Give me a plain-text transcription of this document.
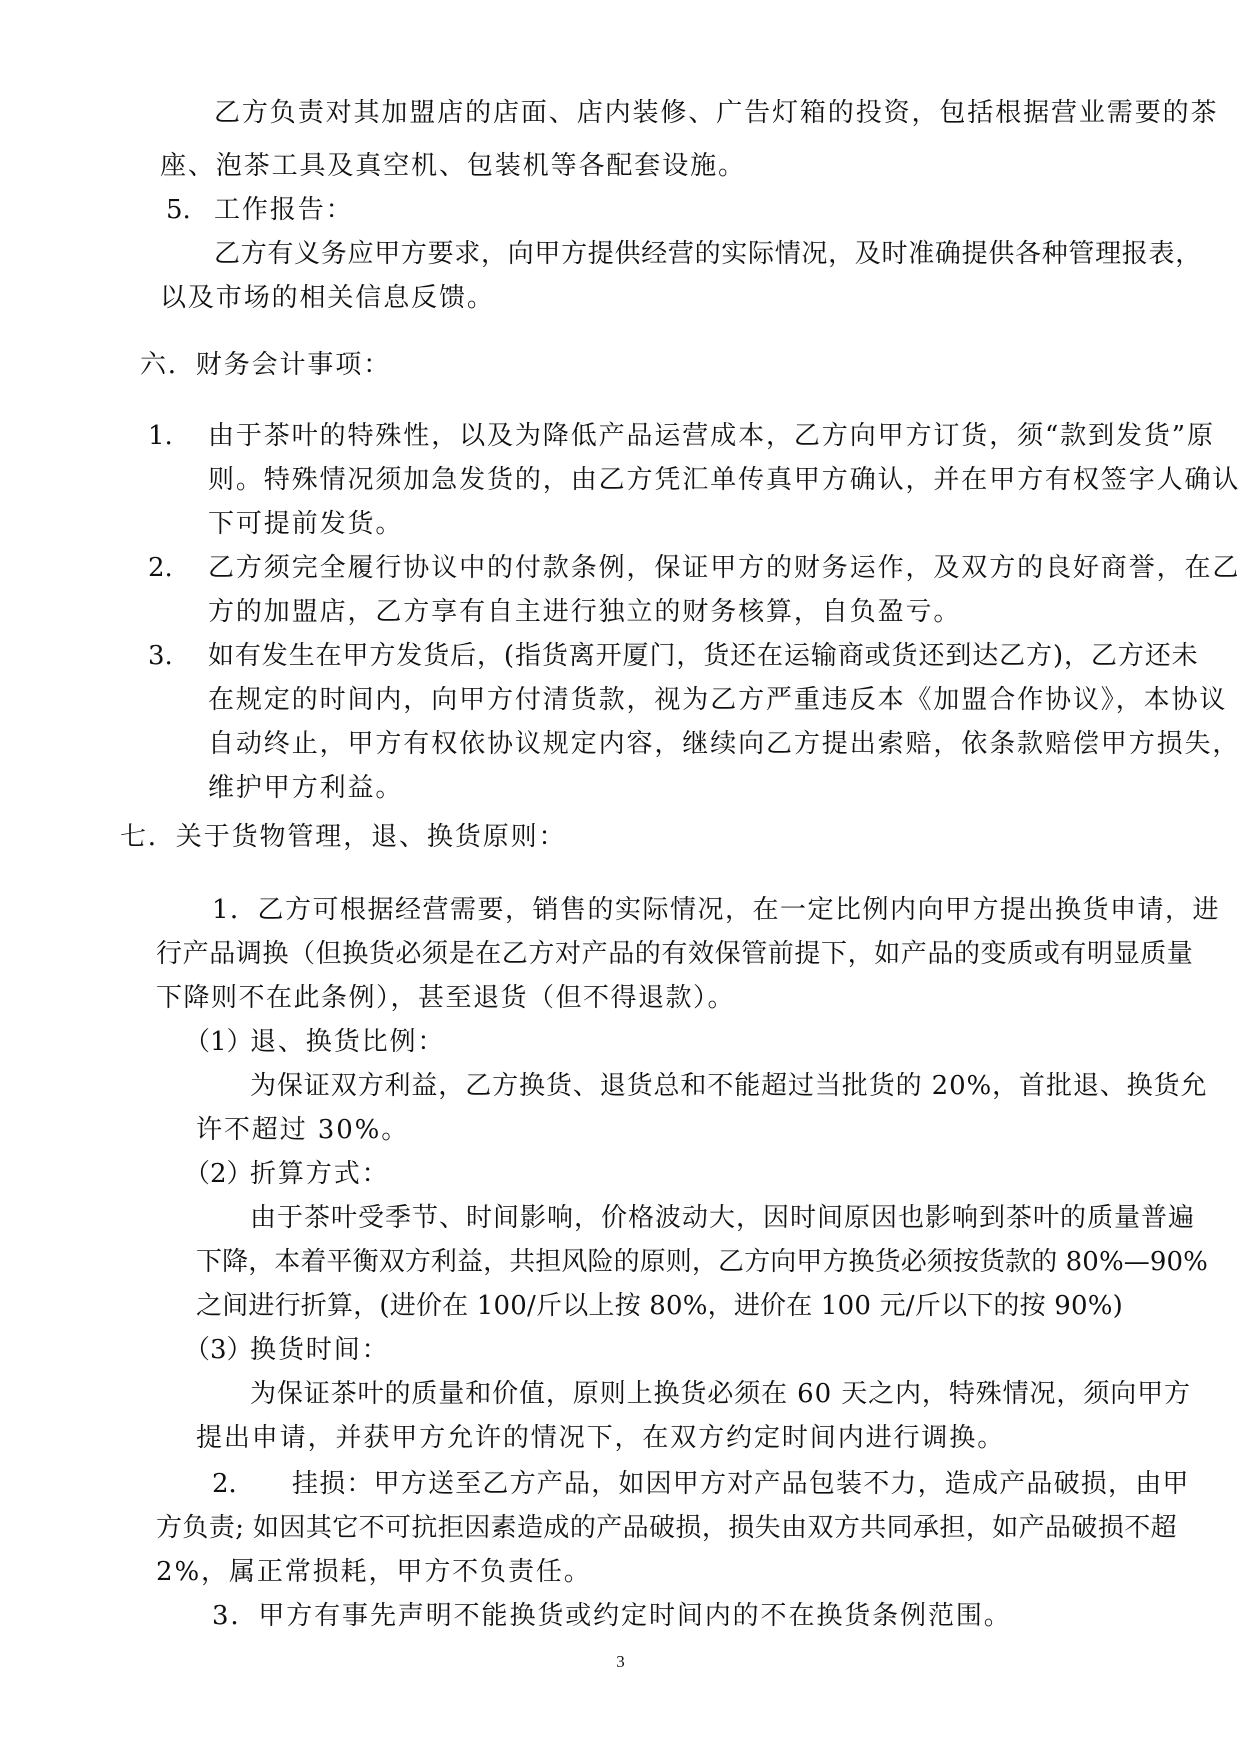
乙方负责对其加盟店的店面、店内装修、广告灯箱的投资，包括根据营业需要的茶
座、泡茶工具及真空机、包装机等各配套设施。
5. 工作报告：
乙方有义务应甲方要求，向甲方提供经营的实际情况，及时准确提供各种管理报表，
以及市场的相关信息反馈。
六．财务会计事项：
1. 由于茶叶的特殊性，以及为降低产品运营成本，乙方向甲方订货，须“款到发货”原
则。特殊情况须加急发货的，由乙方凭汇单传真甲方确认，并在甲方有权签字人确认
下可提前发货。
2. 乙方须完全履行协议中的付款条例，保证甲方的财务运作，及双方的良好商誉，在乙
方的加盟店，乙方享有自主进行独立的财务核算，自负盈亏。
3. 如有发生在甲方发货后，(指货离开厦门，货还在运输商或货还到达乙方)，乙方还未
在规定的时间内，向甲方付清货款，视为乙方严重违反本《加盟合作协议》，本协议
自动终止，甲方有权依协议规定内容，继续向乙方提出索赔，依条款赔偿甲方损失，
维护甲方利益。
七．关于货物管理，退、换货原则：
1．乙方可根据经营需要，销售的实际情况，在一定比例内向甲方提出换货申请，进
行产品调换（但换货必须是在乙方对产品的有效保管前提下，如产品的变质或有明显质量
下降则不在此条例），甚至退货（但不得退款）。
（1）
退、换货比例：
为保证双方利益，乙方换货、退货总和不能超过当批货的 20%，首批退、换货允
许不超过 30%。
（2）
折算方式：
由于茶叶受季节、时间影响，价格波动大，因时间原因也影响到茶叶的质量普遍
下降，本着平衡双方利益，共担风险的原则，乙方向甲方换货必须按货款的 80%—90%
之间进行折算，(进价在 100/斤以上按 80%，进价在 100 元/斤以下的按 90%)
（3）
换货时间：
为保证茶叶的质量和价值，原则上换货必须在 60 天之内，特殊情况，须向甲方
提出申请，并获甲方允许的情况下，在双方约定时间内进行调换。
2． 挂损：甲方送至乙方产品，如因甲方对产品包装不力，造成产品破损，由甲
方负责; 如因其它不可抗拒因素造成的产品破损，损失由双方共同承担，如产品破损不超
2%，属正常损耗，甲方不负责任。
3．甲方有事先声明不能换货或约定时间内的不在换货条例范围。
3
